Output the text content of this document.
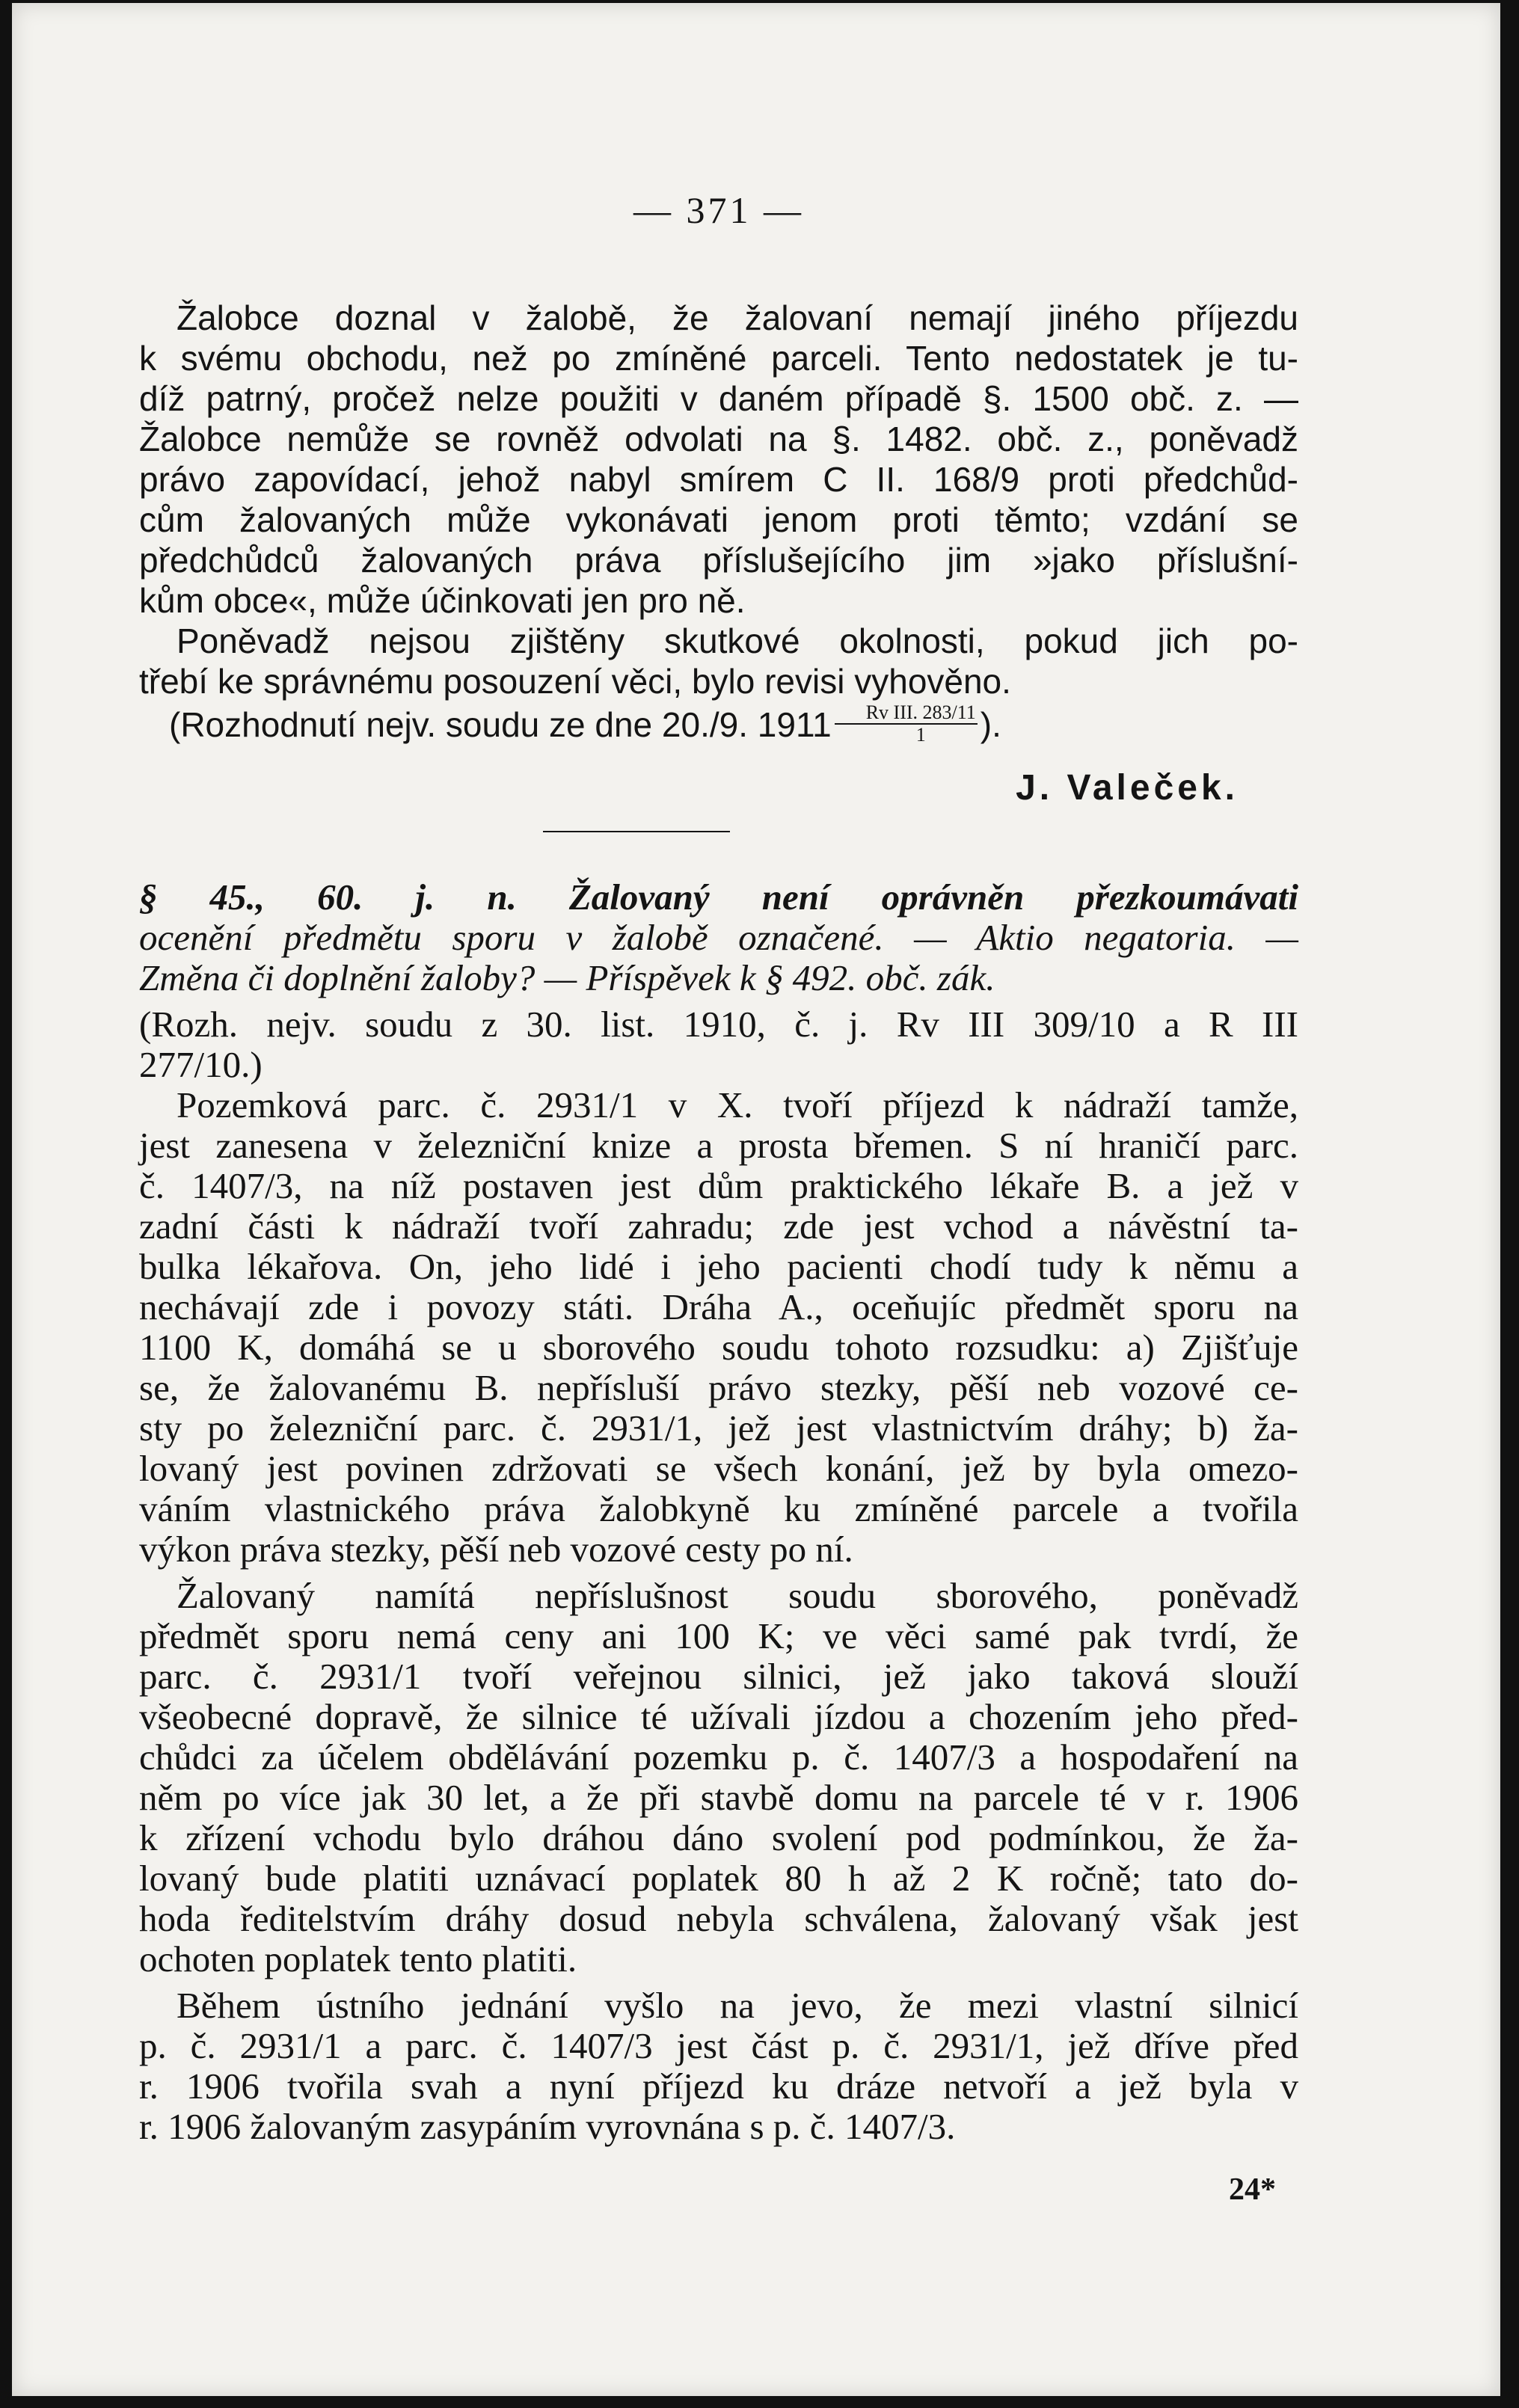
— 371 —

Žalobce doznal v žalobě, že žalovaní nemají jiného příjezdu

k svému obchodu, než po zmíněné parceli. Tento nedostatek je tu-

díž patrný, pročež nelze použiti v daném případě §. 1500 obč. z. —

Žalobce nemůže se rovněž odvolati na §. 1482. obč. z., poněvadž

právo zapovídací, jehož nabyl smírem C II. 168/9 proti předchůd-

cům žalovaných může vykonávati jenom proti těmto; vzdání se

předchůdců žalovaných práva příslušejícího jim »jako příslušní-

kům obce«, může účinkovati jen pro ně.

Poněvadž nejsou zjištěny skutkové okolnosti, pokud jich po-

třebí ke správnému posouzení věci, bylo revisi vyhověno.

(Rozhodnutí nejv. soudu ze dne 20./9. $1911 \frac{\text{Rv III. 283/11}}{1}$ ).

J. Valeček.

§ 45., 60. j. n. Žalovaný není oprávněn přezkoumávati

ocenění předmětu sporu v žalobě označené. — Aktio negatoria. —

Změna či doplnění žaloby? — Příspěvek k § 492. obč. zák.

(Rozh. nejv. soudu z 30. list. 1910, č. j. Rv III 309/10 a R III

277/10.)

Pozemková parc. č. 2931/1 v X. tvoří příjezd k nádraží tamže,

jest zanesena v železniční knize a prosta břemen. S ní hraničí parc.

č. 1407/3, na níž postaven jest dům praktického lékaře B. a jež v

zadní části k nádraží tvoří zahradu; zde jest vchod a návěstní ta-

bulka lékařova. On, jeho lidé i jeho pacienti chodí tudy k němu a

nechávají zde i povozy státi. Dráha A., oceňujíc předmět sporu na

1100 K, domáhá se u sborového soudu tohoto rozsudku: a) Zjišťuje

se, že žalovanému B. nepřísluší právo stezky, pěší neb vozové ce-

sty po železniční parc. č. 2931/1, jež jest vlastnictvím dráhy; b) ža-

lovaný jest povinen zdržovati se všech konání, jež by byla omezo-

váním vlastnického práva žalobkyně ku zmíněné parcele a tvořila

výkon práva stezky, pěší neb vozové cesty po ní.

Žalovaný namítá nepříslušnost soudu sborového, poněvadž

předmět sporu nemá ceny ani 100 K; ve věci samé pak tvrdí, že

parc. č. 2931/1 tvoří veřejnou silnici, jež jako taková slouží

všeobecné dopravě, že silnice té užívali jízdou a chozením jeho před-

chůdci za účelem obdělávání pozemku p. č. 1407/3 a hospodaření na

něm po více jak 30 let, a že při stavbě domu na parcele té v r. 1906

k zřízení vchodu bylo dráhou dáno svolení pod podmínkou, že ža-

lovaný bude platiti uznávací poplatek 80 h až 2 K ročně; tato do-

hoda ředitelstvím dráhy dosud nebyla schválena, žalovaný však jest

ochoten poplatek tento platiti.

Během ústního jednání vyšlo na jevo, že mezi vlastní silnicí

p. č. 2931/1 a parc. č. 1407/3 jest část p. č. 2931/1, jež dříve před

r. 1906 tvořila svah a nyní příjezd ku dráze netvoří a jež byla v

r. 1906 žalovaným zasypáním vyrovnána s p. č. 1407/3.

24*
